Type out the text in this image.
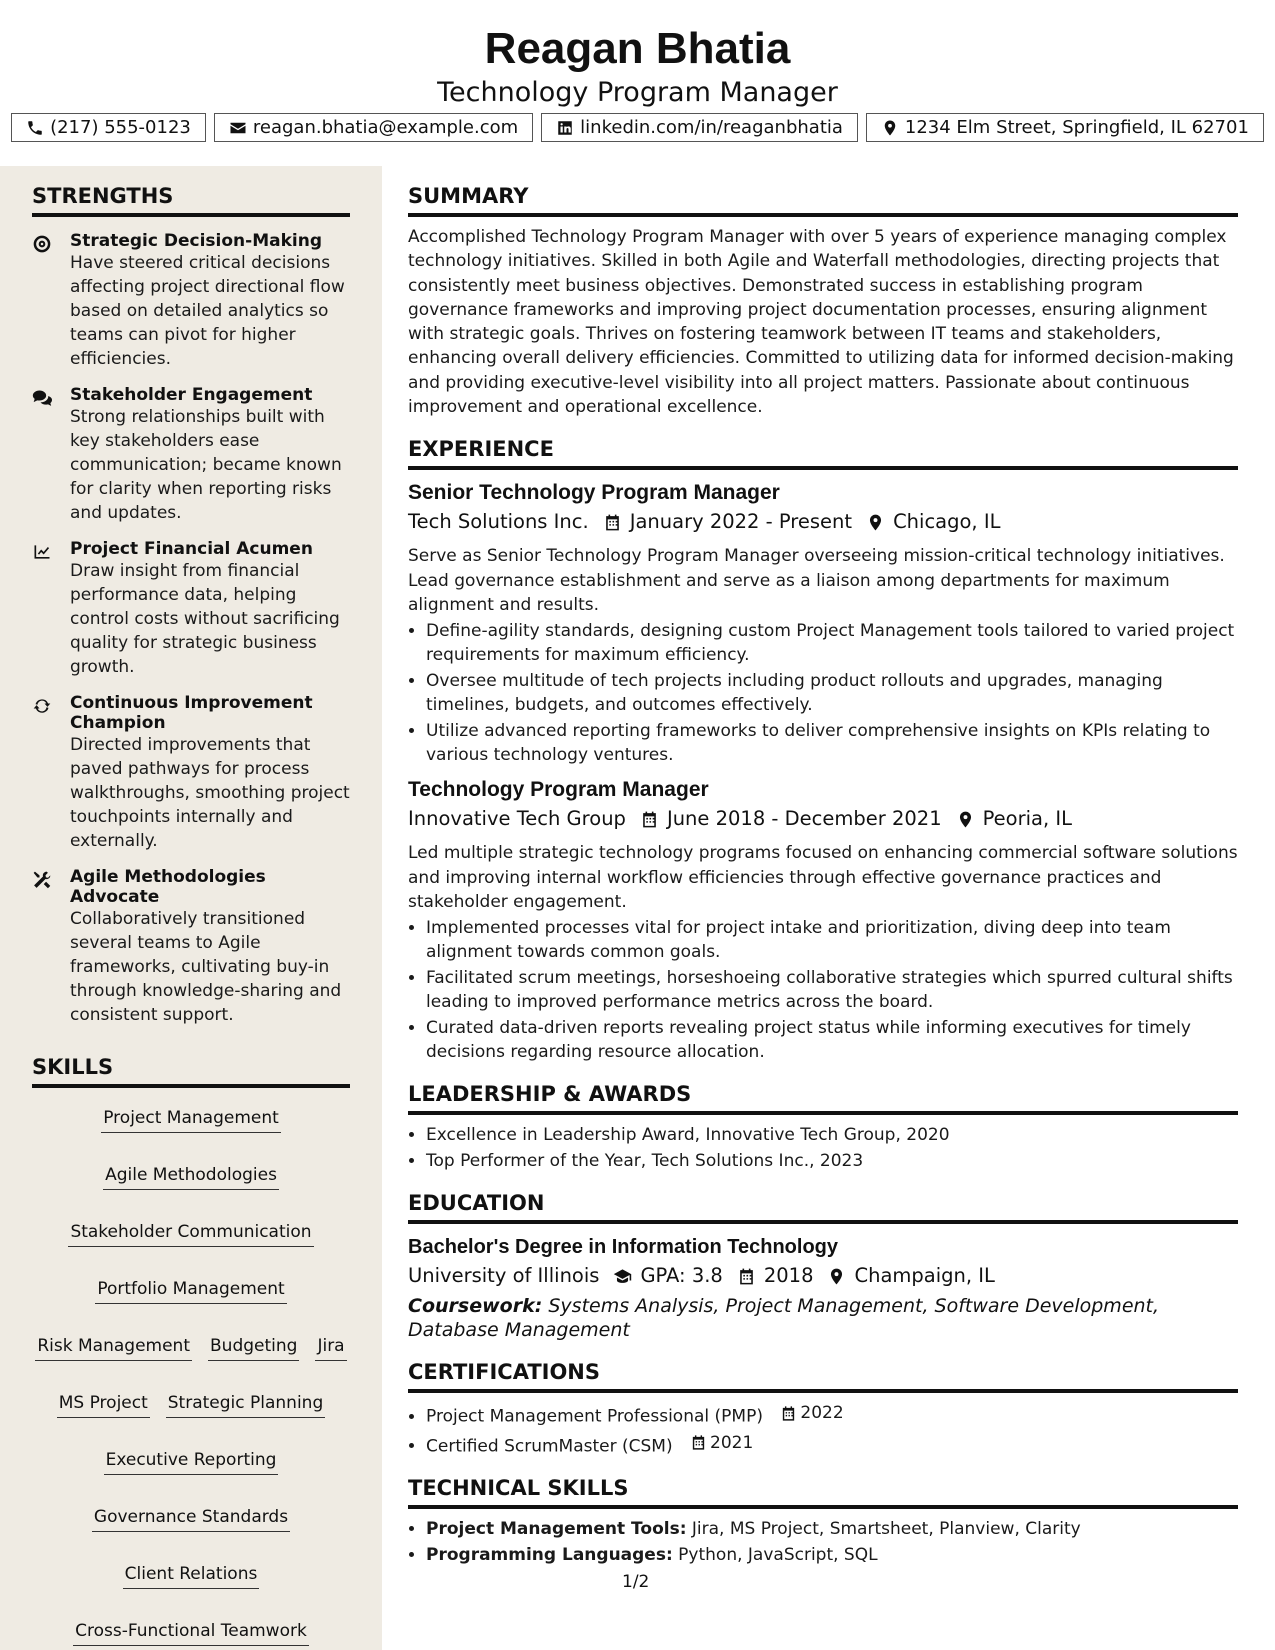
Reagan Bhatia
Technology Program Manager
(217) 555-0123	reagan.bhatia@example.com	linkedin.com/in/reaganbhatia	1234 Elm Street, Springfield, IL 62701
STRENGTHS
Strategic Decision-Making
Have steered critical decisions affecting project directional flow based on detailed analytics so teams can pivot for higher efficiencies.
Stakeholder Engagement
Strong relationships built with key stakeholders ease communication; became known for clarity when reporting risks and updates.
Project Financial Acumen
Draw insight from financial performance data, helping control costs without sacrificing quality for strategic business growth.
Continuous Improvement Champion
Directed improvements that paved pathways for process walkthroughs, smoothing project touchpoints internally and externally.
Agile Methodologies Advocate
Collaboratively transitioned several teams to Agile frameworks, cultivating buy-in through knowledge-sharing and consistent support.
SKILLS
Project Management
Agile Methodologies
Stakeholder Communication
Portfolio Management
Risk Management Budgeting Jira
MS Project Strategic Planning
Executive Reporting
Governance Standards
Client Relations
Cross-Functional Teamwork
SUMMARY

Accomplished Technology Program Manager with over 5 years of experience managing complex technology initiatives. Skilled in both Agile and Waterfall methodologies, directing projects that consistently meet business objectives. Demonstrated success in establishing program governance frameworks and improving project documentation processes, ensuring alignment with strategic goals. Thrives on fostering teamwork between IT teams and stakeholders, enhancing overall delivery efficiencies. Committed to utilizing data for informed decision-making and providing executive-level visibility into all project matters. Passionate about continuous improvement and operational excellence.

EXPERIENCE
Senior Technology Program Manager
Tech Solutions Inc. January 2022 - Present Chicago, IL

Serve as Senior Technology Program Manager overseeing mission-critical technology initiatives. Lead governance establishment and serve as a liaison among departments for maximum alignment and results.

• Define-agility standards, designing custom Project Management tools tailored to varied project requirements for maximum efficiency.
• Oversee multitude of tech projects including product rollouts and upgrades, managing timelines, budgets, and outcomes effectively.
• Utilize advanced reporting frameworks to deliver comprehensive insights on KPIs relating to various technology ventures.
Technology Program Manager
Innovative Tech Group June 2018 - December 2021 Peoria, IL

Led multiple strategic technology programs focused on enhancing commercial software solutions and improving internal workflow efficiencies through effective governance practices and stakeholder engagement.

• Implemented processes vital for project intake and prioritization, diving deep into team alignment towards common goals.
• Facilitated scrum meetings, horseshoeing collaborative strategies which spurred cultural shifts leading to improved performance metrics across the board.
• Curated data-driven reports revealing project status while informing executives for timely decisions regarding resource allocation.
LEADERSHIP & AWARDS
• Excellence in Leadership Award, Innovative Tech Group, 2020
• Top Performer of the Year, Tech Solutions Inc., 2023
EDUCATION
Bachelor's Degree in Information Technology
University of Illinois GPA: 3.8 2018 Champaign, IL
Coursework: Systems Analysis, Project Management, Software Development, Database Management
CERTIFICATIONS
• Project Management Professional (PMP) 2022
• Certified ScrumMaster (CSM) 2021
TECHNICAL SKILLS
• Project Management Tools: Jira, MS Project, Smartsheet, Planview, Clarity
• Programming Languages: Python, JavaScript, SQL
1/2
